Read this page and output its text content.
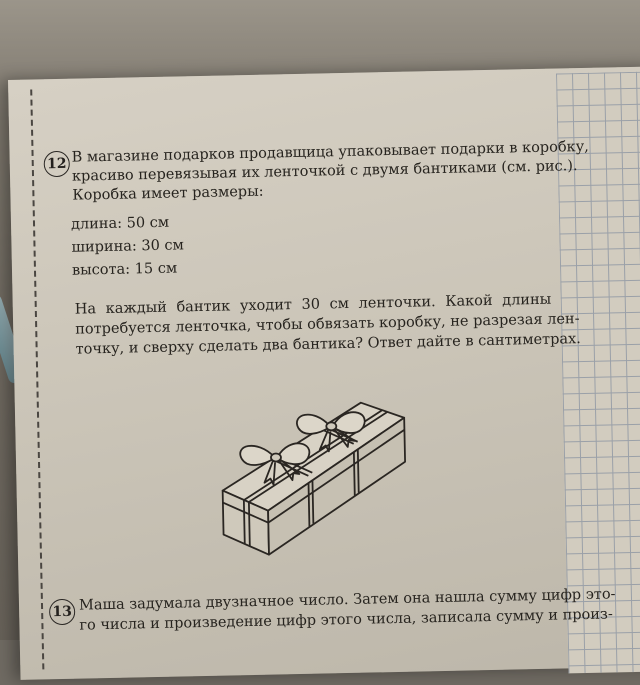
12 В магазине подарков продавщица упаковывает подарки в коробку,
красиво перевязывая их ленточкой с двумя бантиками (см. рис.).
Коробка имеет размеры:
длина: 50 см
ширина: 30 см
высота: 15 см
На каждый бантик уходит 30 см ленточки. Какой длины
потребуется ленточка, чтобы обвязать коробку, не разрезая лен-
точку, и сверху сделать два бантика? Ответ дайте в сантиметрах.
13 Маша задумала двузначное число. Затем она нашла сумму цифр это-
го числа и произведение цифр этого числа, записала сумму и произ-
